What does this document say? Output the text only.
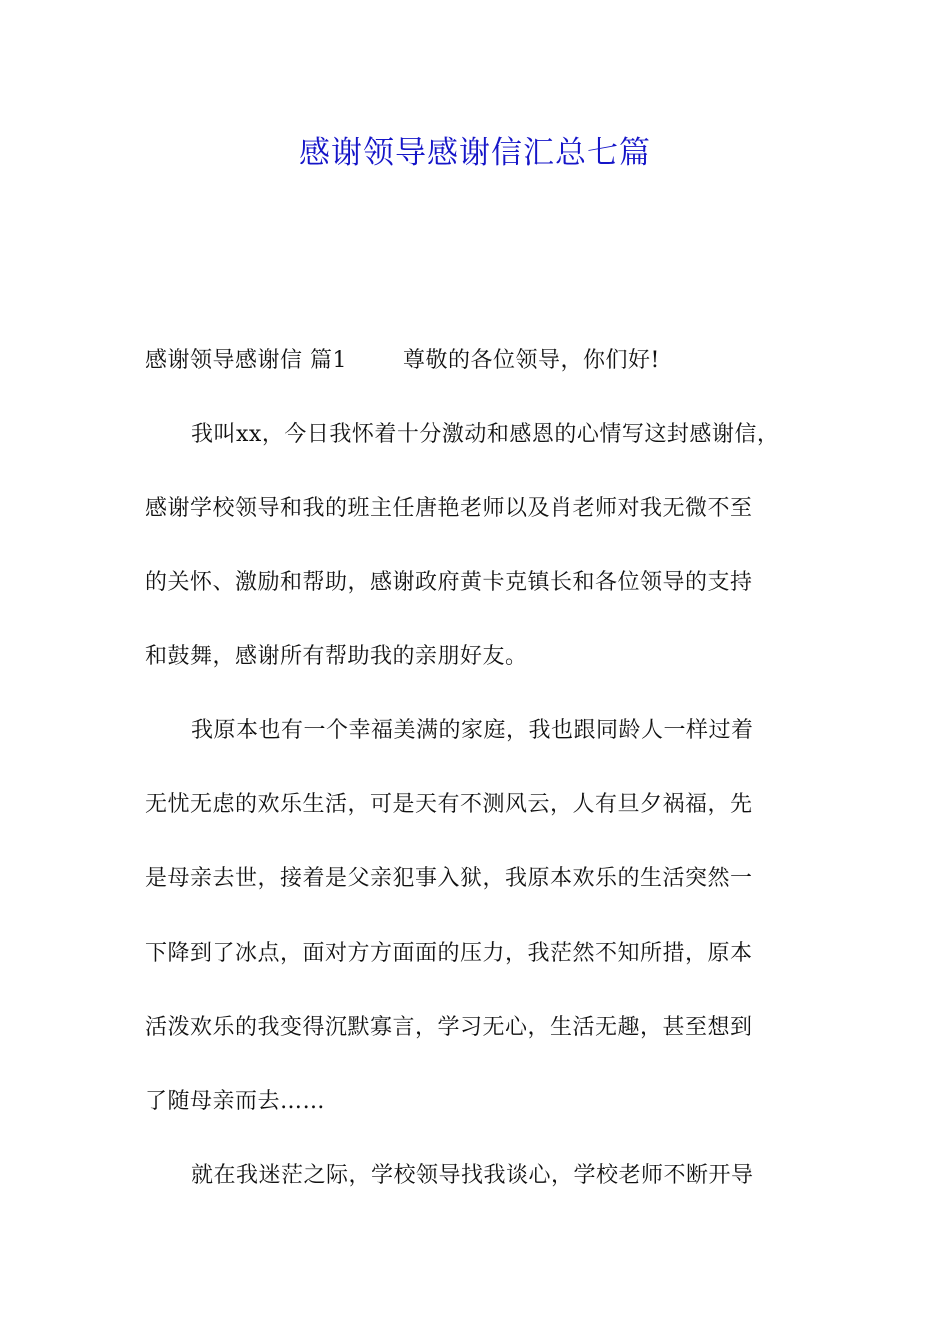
感谢领导感谢信汇总七篇
感谢领导感谢信 篇1	尊敬的各位领导，你们好!
我叫xx，今日我怀着十分激动和感恩的心情写这封感谢信，
感谢学校领导和我的班主任唐艳老师以及肖老师对我无微不至
的关怀、激励和帮助，感谢政府黄卡克镇长和各位领导的支持
和鼓舞，感谢所有帮助我的亲朋好友。
我原本也有一个幸福美满的家庭，我也跟同龄人一样过着
无忧无虑的欢乐生活，可是天有不测风云，人有旦夕祸福，先
是母亲去世，接着是父亲犯事入狱，我原本欢乐的生活突然一
下降到了冰点，面对方方面面的压力，我茫然不知所措，原本
活泼欢乐的我变得沉默寡言，学习无心，生活无趣，甚至想到
了随母亲而去……
就在我迷茫之际，学校领导找我谈心，学校老师不断开导
